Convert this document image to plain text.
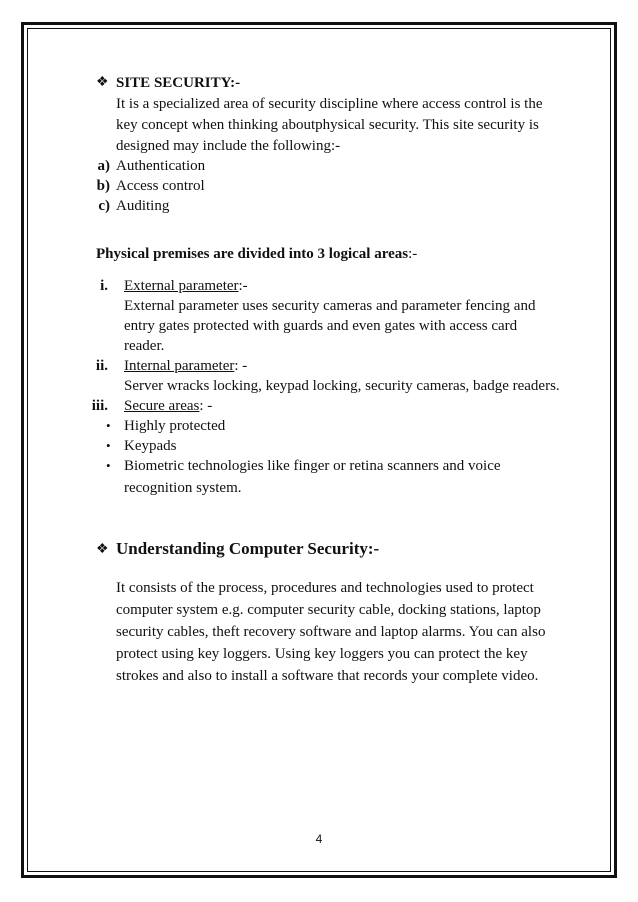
❖ SITE SECURITY:-
It is a specialized area of security discipline where access control is the
key concept when thinking aboutphysical security. This site security is
designed may include the following:-
a) Authentication
b) Access control
c) Auditing
Physical premises are divided into 3 logical areas:-
i. External parameter:-
External parameter uses security cameras and parameter fencing and
entry gates protected with guards and even gates with access card
reader.
ii. Internal parameter: -
Server wracks locking, keypad locking, security cameras, badge readers.
iii. Secure areas: -
• Highly protected
• Keypads
• Biometric technologies like finger or retina scanners and voice
recognition system.
❖ Understanding Computer Security:-
It consists of the process, procedures and technologies used to protect
computer system e.g. computer security cable, docking stations, laptop
security cables, theft recovery software and laptop alarms. You can also
protect using key loggers. Using key loggers you can protect the key
strokes and also to install a software that records your complete video.
4
